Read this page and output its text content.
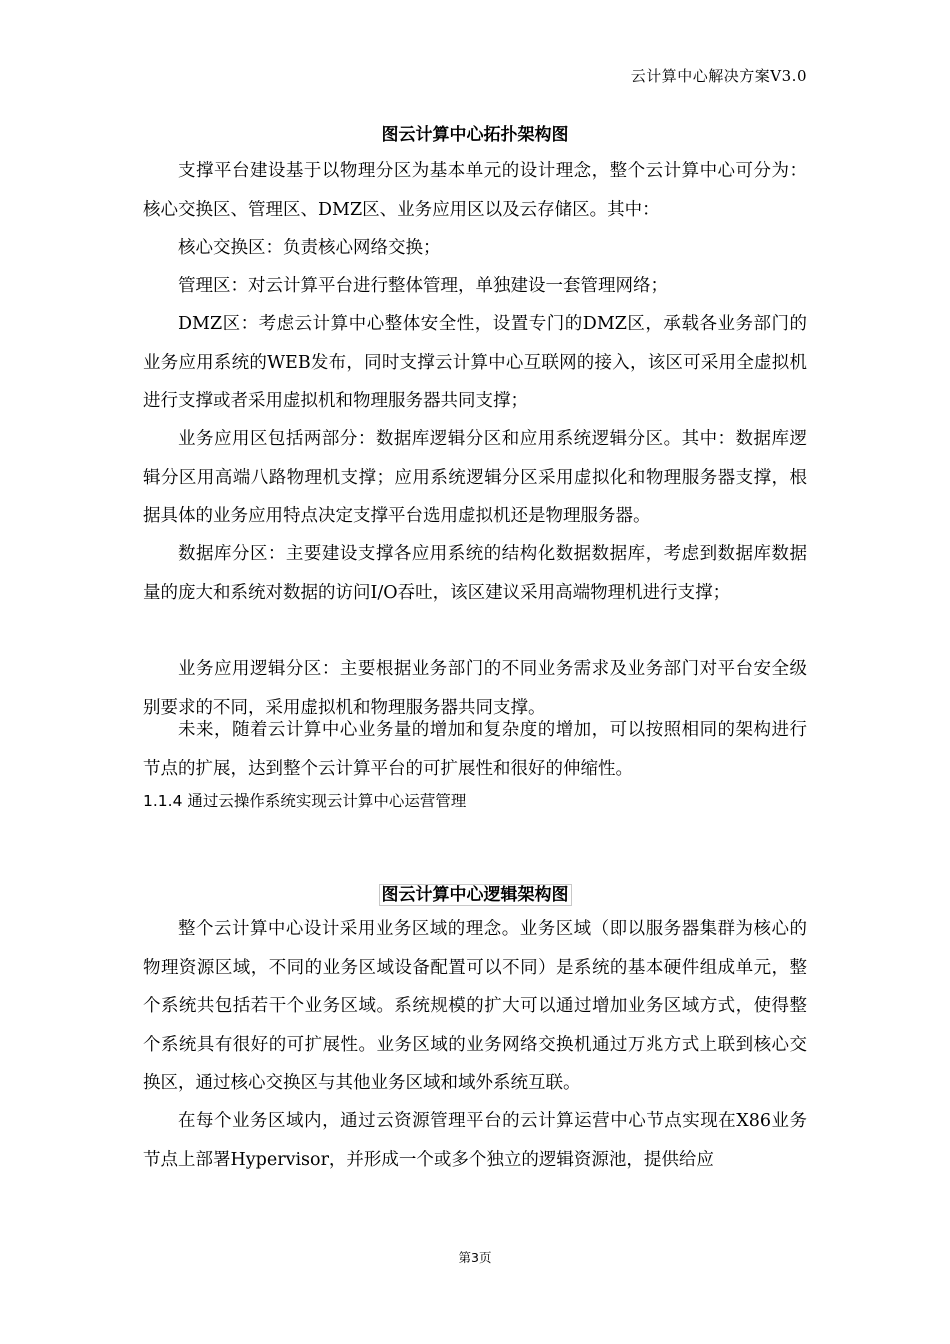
云计算中心解决方案V3.0
图云计算中心拓扑架构图

支撑平台建设基于以物理分区为基本单元的设计理念，整个云计算中心可分为：核心交换区、管理区、DMZ区、业务应用区以及云存储区。其中：

核心交换区：负责核心网络交换；

管理区：对云计算平台进行整体管理，单独建设一套管理网络；

DMZ区：考虑云计算中心整体安全性，设置专门的DMZ区，承载各业务部门的业务应用系统的WEB发布，同时支撑云计算中心互联网的接入，该区可采用全虚拟机进行支撑或者采用虚拟机和物理服务器共同支撑；

业务应用区包括两部分：数据库逻辑分区和应用系统逻辑分区。其中：数据库逻辑分区用高端八路物理机支撑；应用系统逻辑分区采用虚拟化和物理服务器支撑，根据具体的业务应用特点决定支撑平台选用虚拟机还是物理服务器。

数据库分区：主要建设支撑各应用系统的结构化数据数据库，考虑到数据库数据量的庞大和系统对数据的访问I/O吞吐，该区建议采用高端物理机进行支撑；

业务应用逻辑分区：主要根据业务部门的不同业务需求及业务部门对平台安全级别要求的不同，采用虚拟机和物理服务器共同支撑。

未来，随着云计算中心业务量的增加和复杂度的增加，可以按照相同的架构进行节点的扩展，达到整个云计算平台的可扩展性和很好的伸缩性。

1.1.4 通过云操作系统实现云计算中心运营管理
图云计算中心逻辑架构图

整个云计算中心设计采用业务区域的理念。业务区域（即以服务器集群为核心的物理资源区域，不同的业务区域设备配置可以不同）是系统的基本硬件组成单元，整个系统共包括若干个业务区域。系统规模的扩大可以通过增加业务区域方式，使得整个系统具有很好的可扩展性。业务区域的业务网络交换机通过万兆方式上联到核心交换区，通过核心交换区与其他业务区域和域外系统互联。

在每个业务区域内，通过云资源管理平台的云计算运营中心节点实现在X86业务节点上部署Hypervisor，并形成一个或多个独立的逻辑资源池，提供给应

第3页
